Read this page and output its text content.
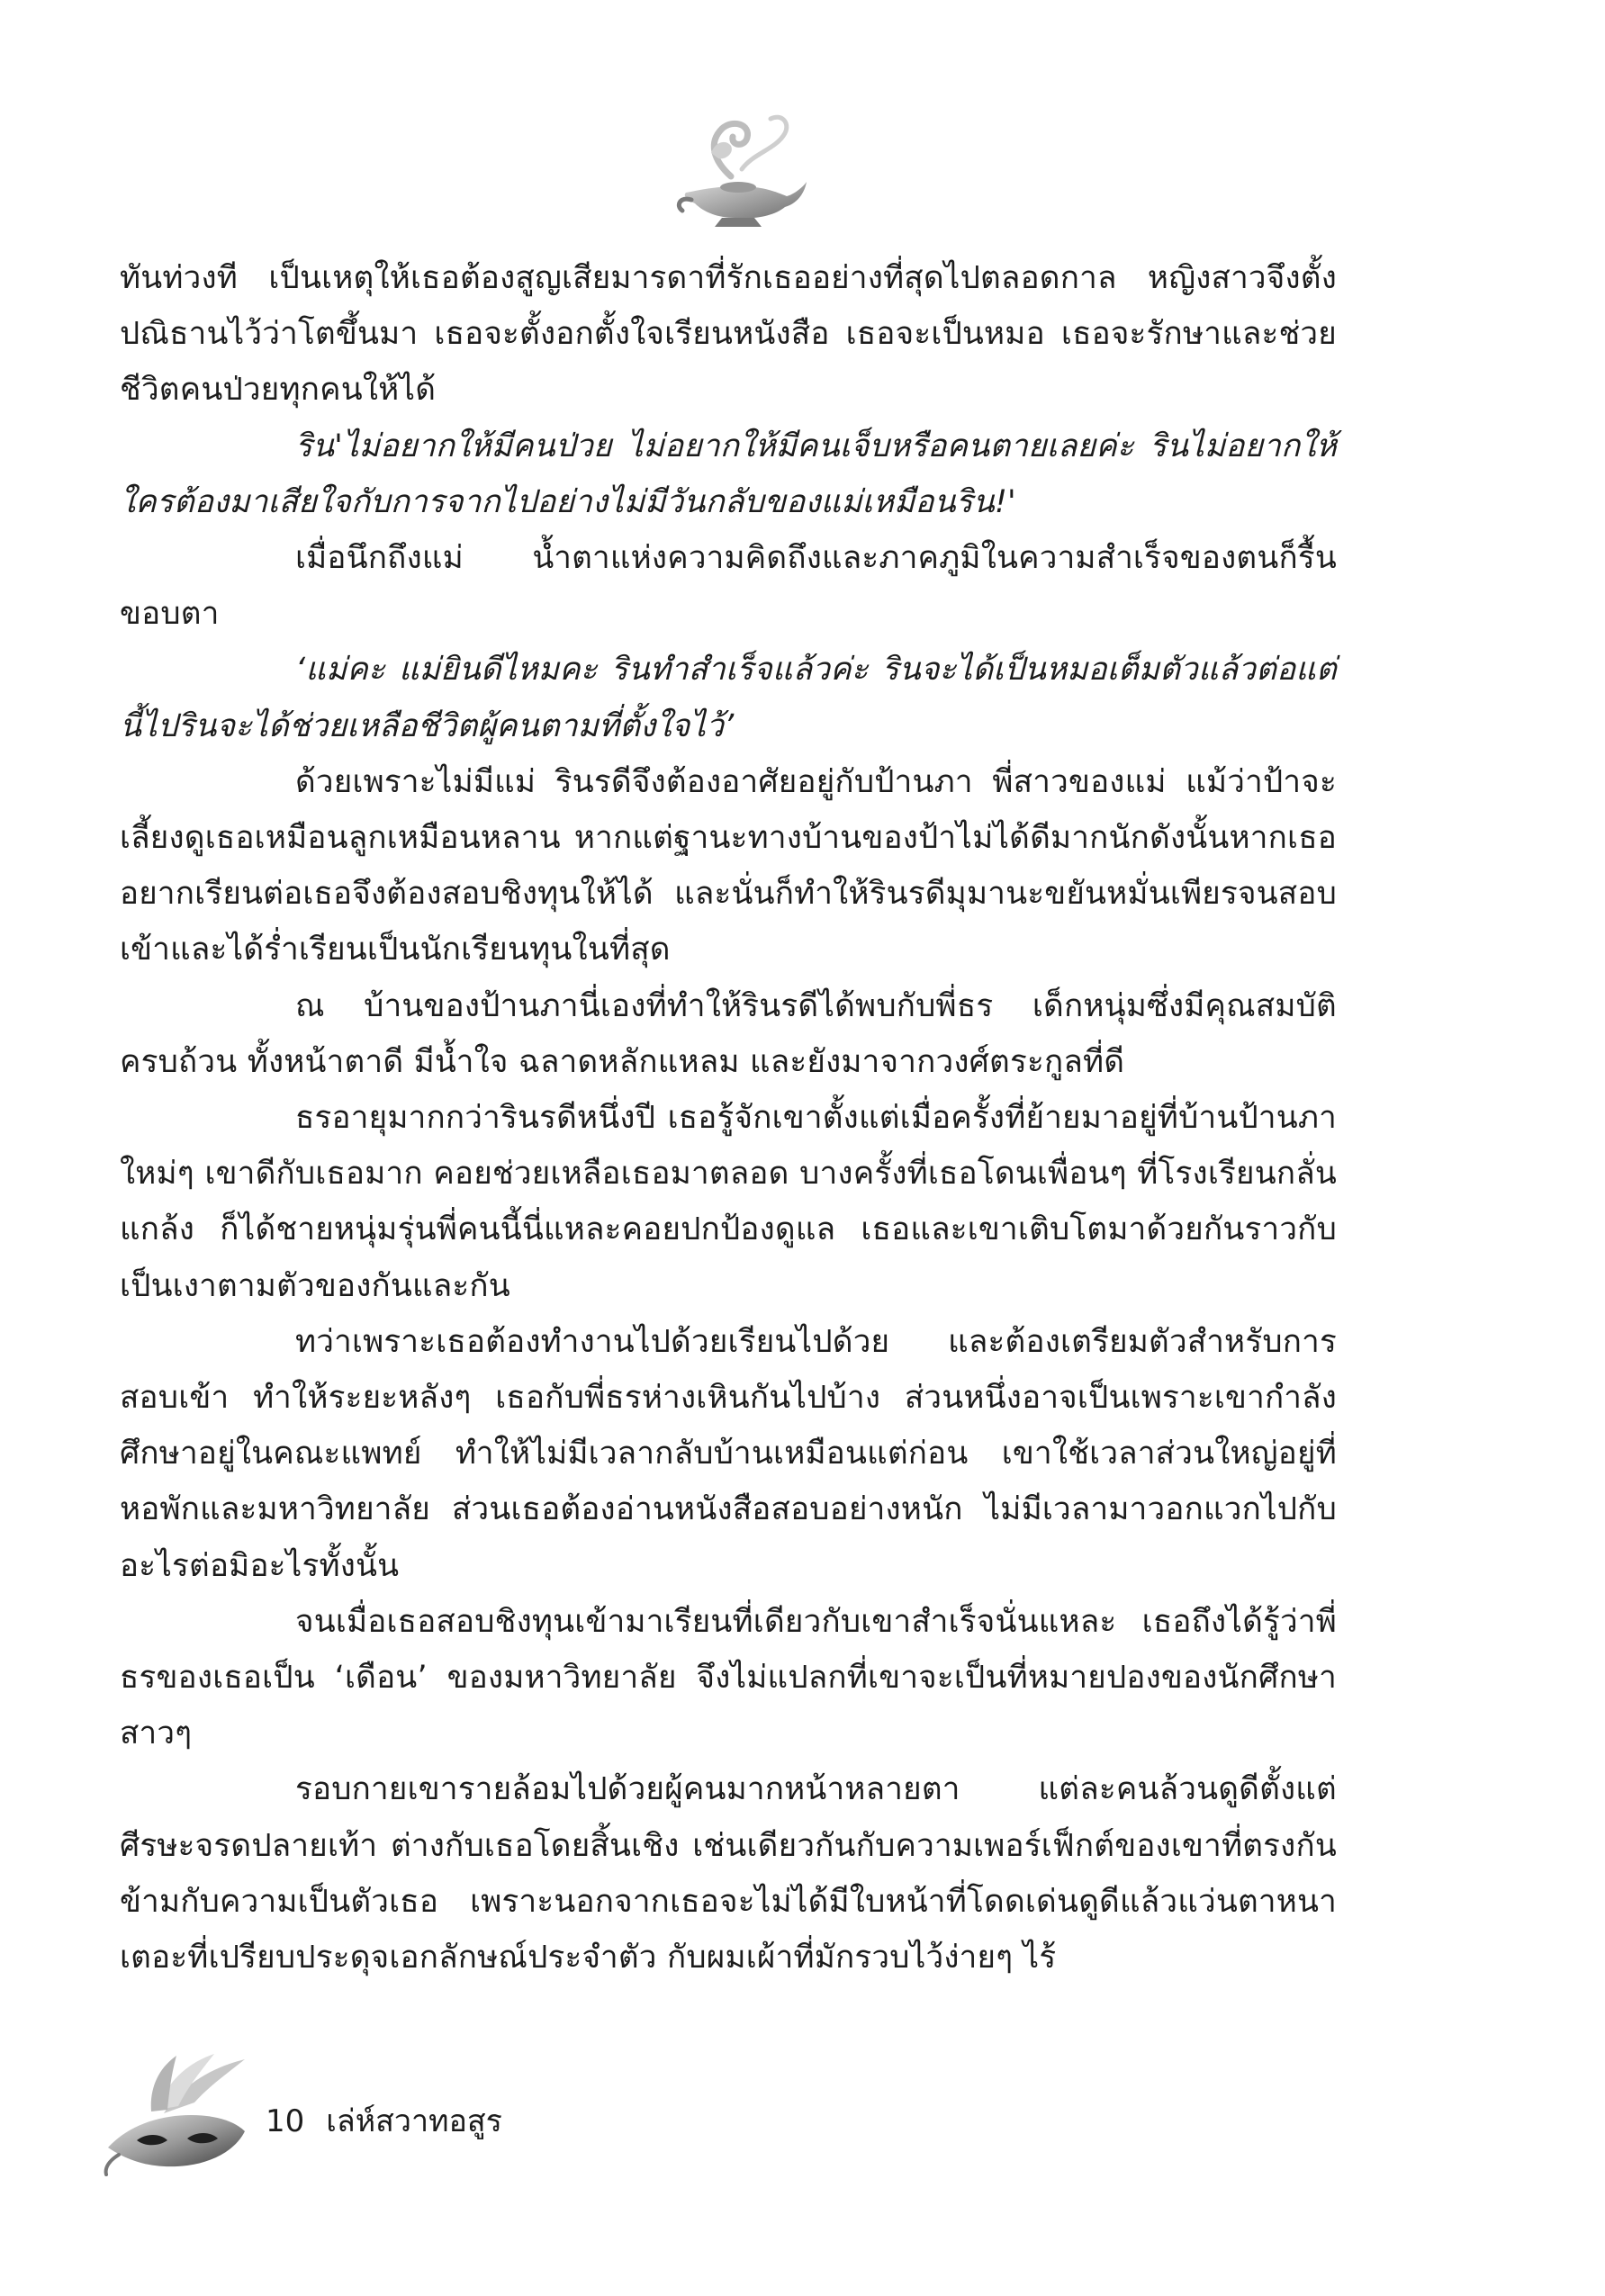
ทันท่วงที เป็นเหตุให้เธอต้องสูญเสียมารดาที่รักเธออย่างที่สุดไปตลอดกาล หญิงสาวจึงตั้งปณิธานไว้ว่าโตขึ้นมา เธอจะตั้งอกตั้งใจเรียนหนังสือ เธอจะเป็นหมอ เธอจะรักษาและช่วยชีวิตคนป่วยทุกคนให้ได้

ริน'ไม่อยากให้มีคนป่วย ไม่อยากให้มีคนเจ็บหรือคนตายเลยค่ะ รินไม่อยากให้ใครต้องมาเสียใจกับการจากไปอย่างไม่มีวันกลับของแม่เหมือนริน!'

เมื่อนึกถึงแม่ น้ำตาแห่งความคิดถึงและภาคภูมิในความสำเร็จของตนก็รื้นขอบตา

‘แม่คะ แม่ยินดีไหมคะ รินทำสำเร็จแล้วค่ะ รินจะได้เป็นหมอเต็มตัวแล้วต่อแต่นี้ไปรินจะได้ช่วยเหลือชีวิตผู้คนตามที่ตั้งใจไว้’

ด้วยเพราะไม่มีแม่ รินรดีจึงต้องอาศัยอยู่กับป้านภา พี่สาวของแม่ แม้ว่าป้าจะเลี้ยงดูเธอเหมือนลูกเหมือนหลาน หากแต่ฐานะทางบ้านของป้าไม่ได้ดีมากนักดังนั้นหากเธออยากเรียนต่อเธอจึงต้องสอบชิงทุนให้ได้ และนั่นก็ทำให้รินรดีมุมานะขยันหมั่นเพียรจนสอบเข้าและได้ร่ำเรียนเป็นนักเรียนทุนในที่สุด

ณ บ้านของป้านภานี่เองที่ทำให้รินรดีได้พบกับพี่ธร เด็กหนุ่มซึ่งมีคุณสมบัติครบถ้วน ทั้งหน้าตาดี มีน้ำใจ ฉลาดหลักแหลม และยังมาจากวงศ์ตระกูลที่ดี

ธรอายุมากกว่ารินรดีหนึ่งปี เธอรู้จักเขาตั้งแต่เมื่อครั้งที่ย้ายมาอยู่ที่บ้านป้านภาใหม่ๆ เขาดีกับเธอมาก คอยช่วยเหลือเธอมาตลอด บางครั้งที่เธอโดนเพื่อนๆ ที่โรงเรียนกลั่นแกล้ง ก็ได้ชายหนุ่มรุ่นพี่คนนี้นี่แหละคอยปกป้องดูแล เธอและเขาเติบโตมาด้วยกันราวกับเป็นเงาตามตัวของกันและกัน

ทว่าเพราะเธอต้องทำงานไปด้วยเรียนไปด้วย และต้องเตรียมตัวสำหรับการสอบเข้า ทำให้ระยะหลังๆ เธอกับพี่ธรห่างเหินกันไปบ้าง ส่วนหนึ่งอาจเป็นเพราะเขากำลังศึกษาอยู่ในคณะแพทย์ ทำให้ไม่มีเวลากลับบ้านเหมือนแต่ก่อน เขาใช้เวลาส่วนใหญ่อยู่ที่หอพักและมหาวิทยาลัย ส่วนเธอต้องอ่านหนังสือสอบอย่างหนัก ไม่มีเวลามาวอกแวกไปกับอะไรต่อมิอะไรทั้งนั้น

จนเมื่อเธอสอบชิงทุนเข้ามาเรียนที่เดียวกับเขาสำเร็จนั่นแหละ เธอถึงได้รู้ว่าพี่ธรของเธอเป็น ‘เดือน’ ของมหาวิทยาลัย จึงไม่แปลกที่เขาจะเป็นที่หมายปองของนักศึกษาสาวๆ

รอบกายเขารายล้อมไปด้วยผู้คนมากหน้าหลายตา แต่ละคนล้วนดูดีตั้งแต่ศีรษะจรดปลายเท้า ต่างกับเธอโดยสิ้นเชิง เช่นเดียวกันกับความเพอร์เฟ็กต์ของเขาที่ตรงกันข้ามกับความเป็นตัวเธอ เพราะนอกจากเธอจะไม่ได้มีใบหน้าที่โดดเด่นดูดีแล้วแว่นตาหนาเตอะที่เปรียบประดุจเอกลักษณ์ประจำตัว กับผมเผ้าที่มักรวบไว้ง่ายๆ ไร้

10 เล่ห์สวาทอสูร
